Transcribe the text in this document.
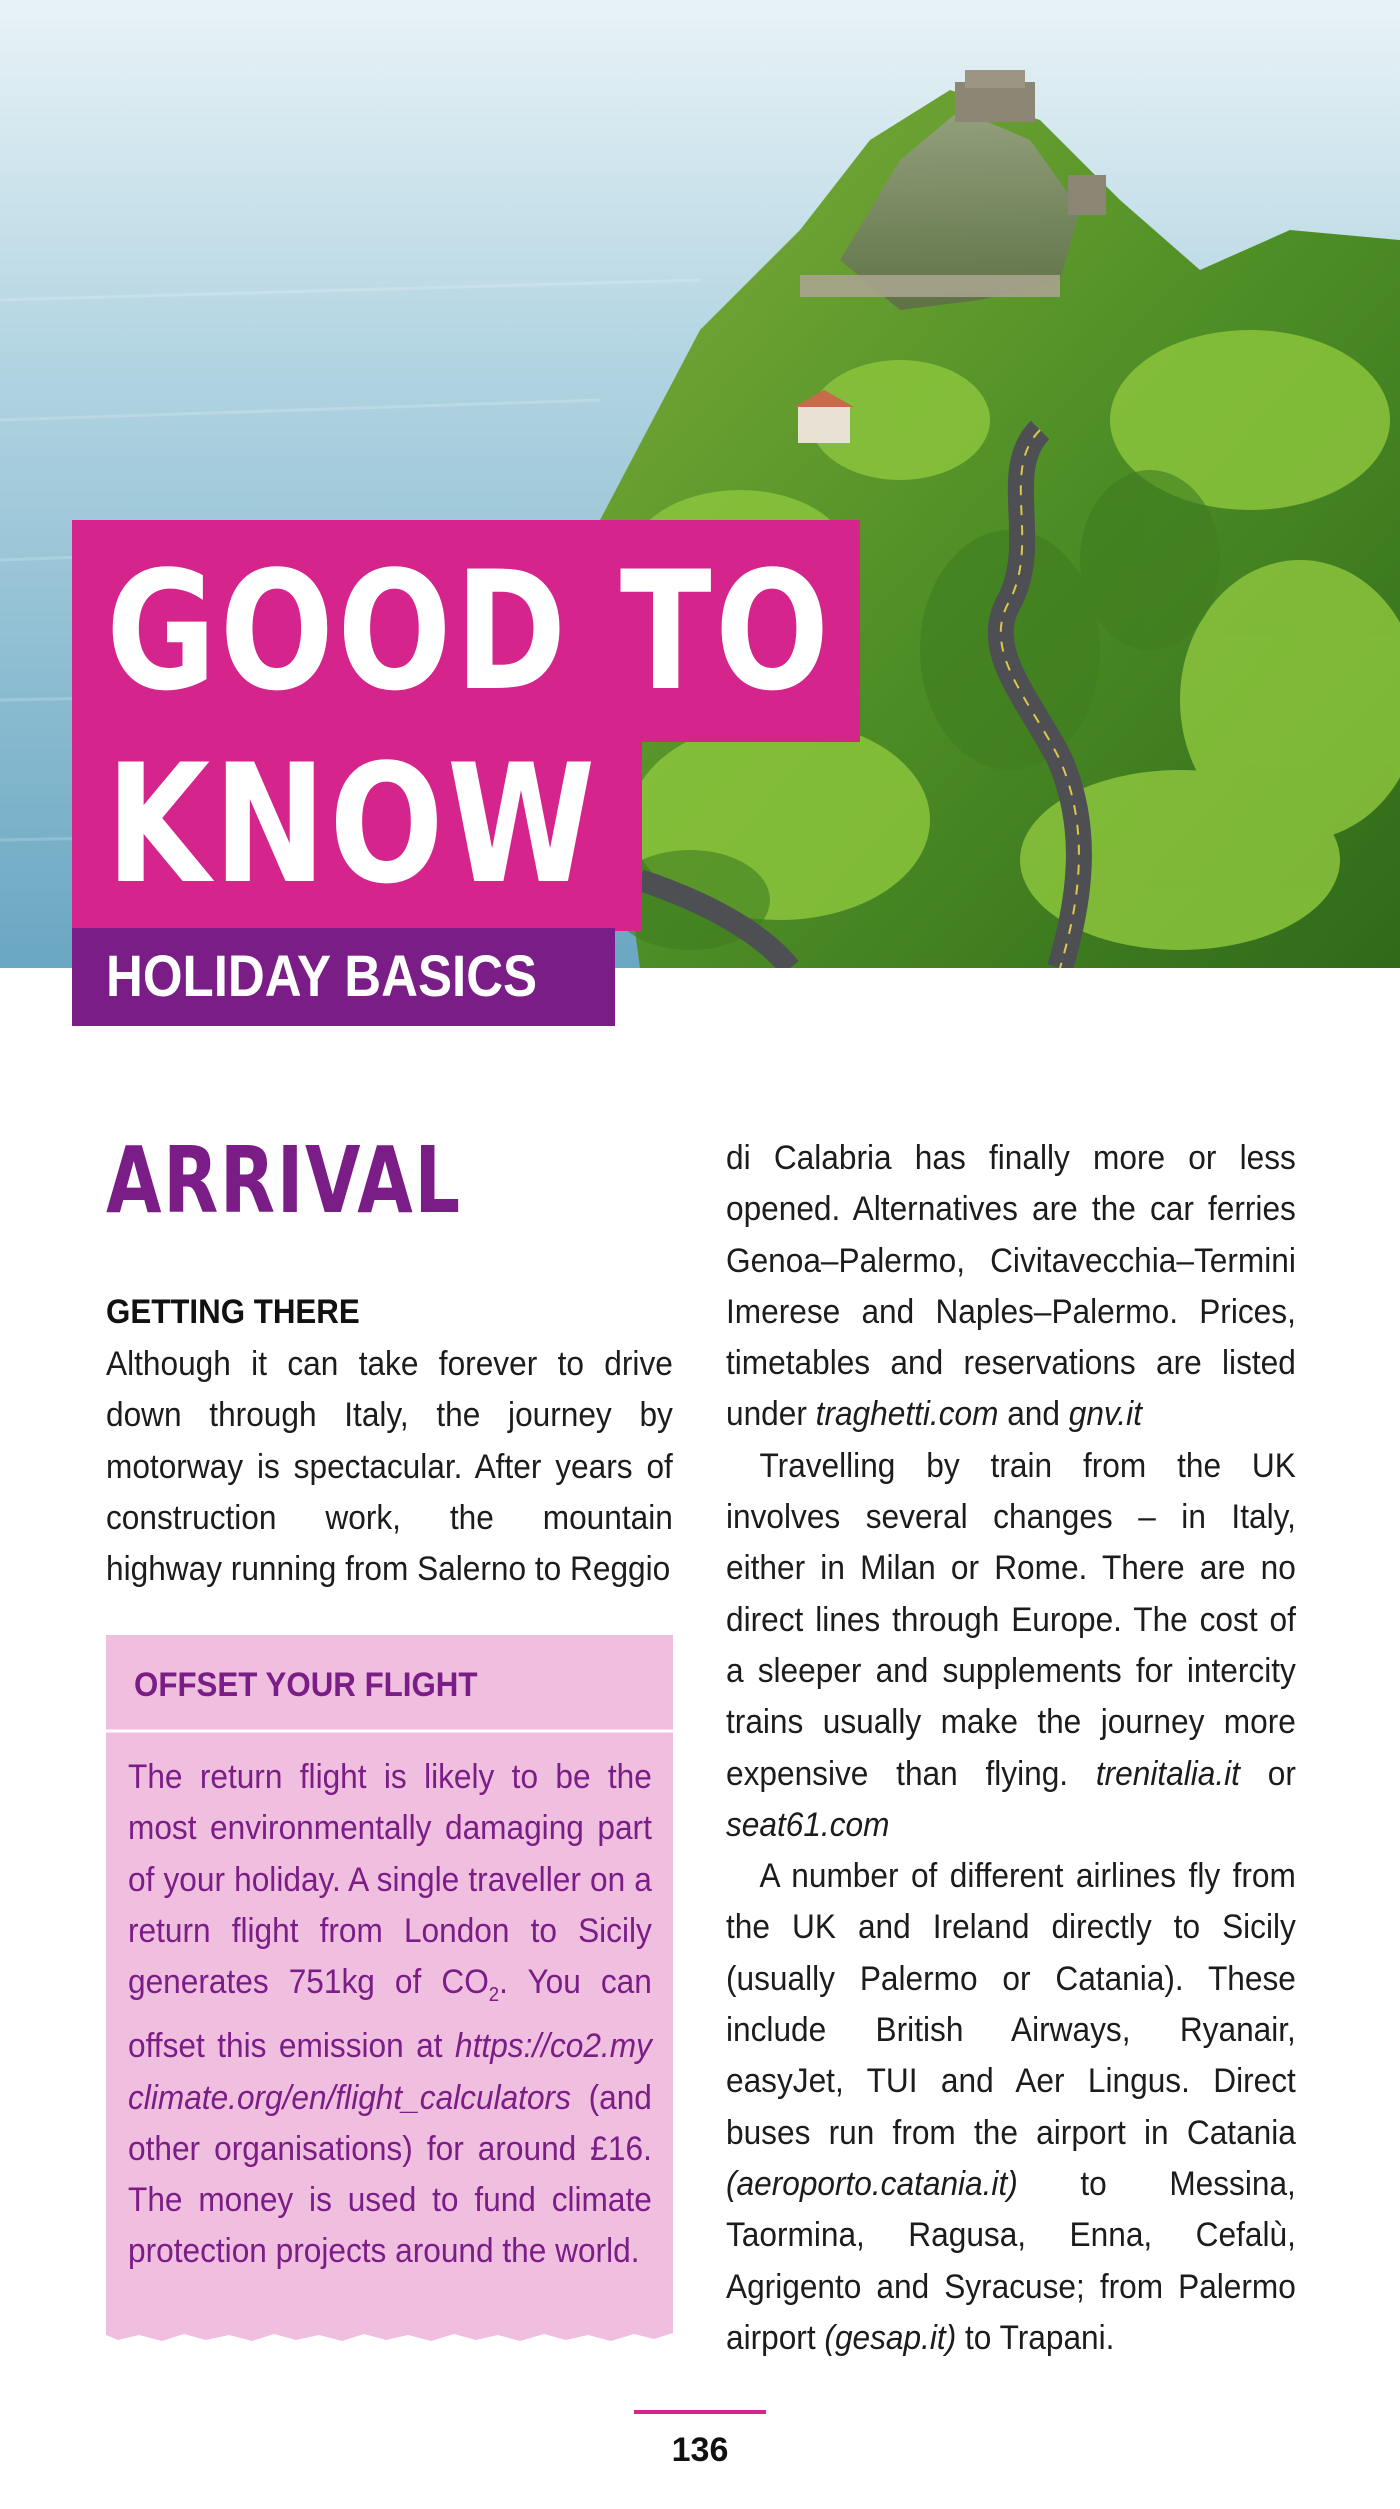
GOOD TO
KNOW
HOLIDAY BASICS
ARRIVAL
GETTING THERE

Although it can take forever to drive down through Italy, the journey by motorway is spectacular. After years of construction work, the mountain highway running from Salerno to Reggio

OFFSET YOUR FLIGHT
The return flight is likely to be the most environmentally damaging part of your holiday. A single traveller on a return flight from London to Sicily generates 751kg of $CO_2$. You can offset this emission at https://co2.myclimate.org/en/flight_calculators (and other organisations) for around £16. The money is used to fund climate protection projects around the world.

di Calabria has finally more or less opened. Alternatives are the car ferries Genoa–Palermo, Civitavecchia–Termini Imerese and Naples–Palermo. Prices, timetables and reservations are listed under traghetti.com and gnv.it

Travelling by train from the UK involves several changes – in Italy, either in Milan or Rome. There are no direct lines through Europe. The cost of a sleeper and supplements for intercity trains usually make the journey more expensive than flying. trenitalia.it or seat61.com

A number of different airlines fly from the UK and Ireland directly to Sicily (usually Palermo or Catania). These include British Airways, Ryanair, easyJet, TUI and Aer Lingus. Direct buses run from the airport in Catania (aeroporto.catania.it) to Messina, Taormina, Ragusa, Enna, Cefalù, Agrigento and Syracuse; from Palermo airport (gesap.it) to Trapani.

136
